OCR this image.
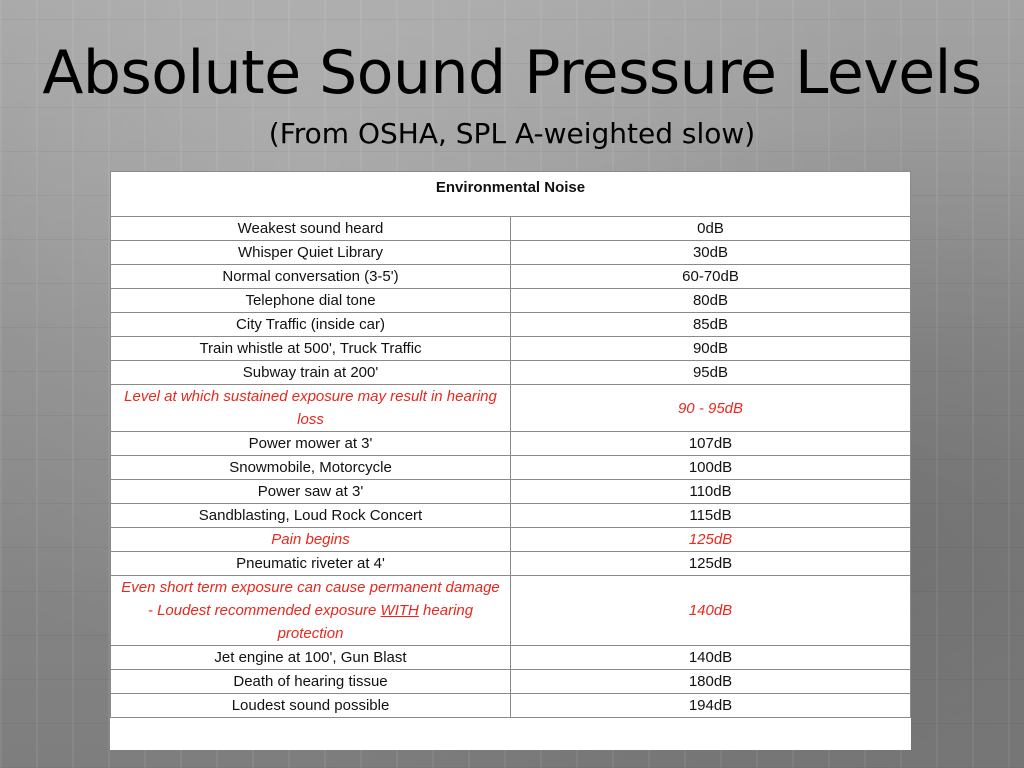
Absolute Sound Pressure Levels

(From OSHA, SPL A-weighted slow)

Environmental Noise	
Weakest sound heard	0dB
Whisper Quiet Library	30dB
Normal conversation (3-5')	60-70dB
Telephone dial tone	80dB
City Traffic (inside car)	85dB
Train whistle at 500', Truck Traffic	90dB
Subway train at 200'	95dB
Level at which sustained exposure may result in hearing loss	90 - 95dB
Power mower at 3'	107dB
Snowmobile, Motorcycle	100dB
Power saw at 3'	110dB
Sandblasting, Loud Rock Concert	115dB
Pain begins	125dB
Pneumatic riveter at 4'	125dB
Even short term exposure can cause permanent damage - Loudest recommended exposure WITH hearing protection	140dB
Jet engine at 100', Gun Blast	140dB
Death of hearing tissue	180dB
Loudest sound possible	194dB
